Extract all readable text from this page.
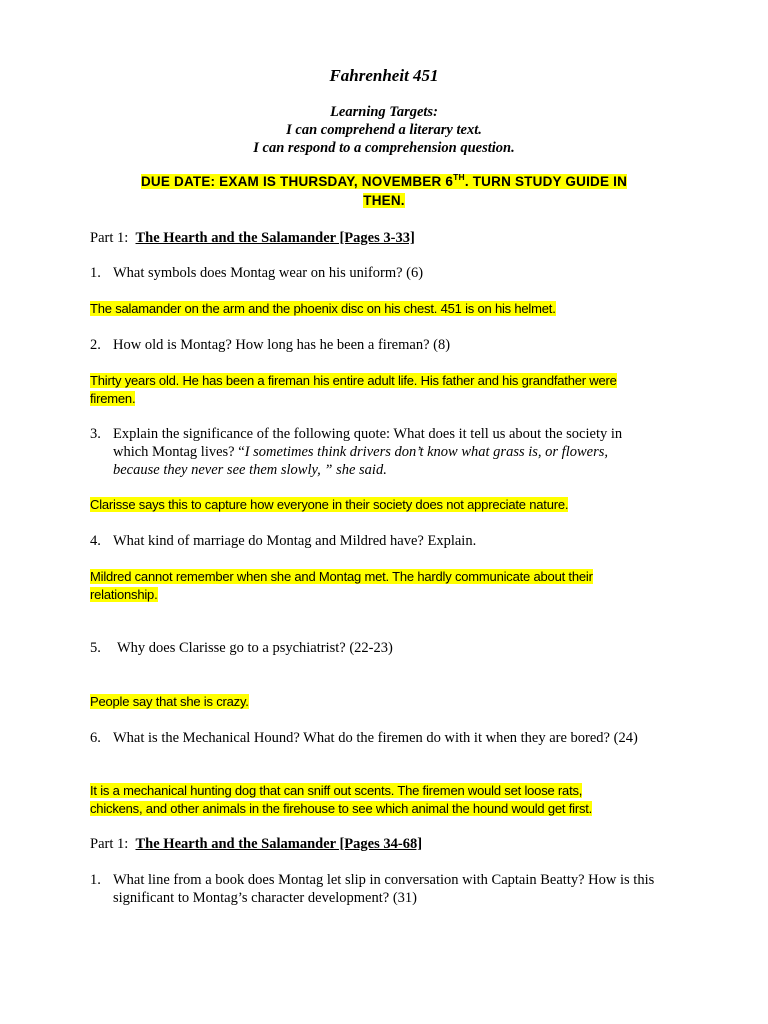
Fahrenheit 451
Learning Targets:
I can comprehend a literary text.
I can respond to a comprehension question.
DUE DATE: EXAM IS THURSDAY, NOVEMBER 6TH. TURN STUDY GUIDE IN
THEN.
Part 1: The Hearth and the Salamander [Pages 3-33]
1. What symbols does Montag wear on his uniform? (6)
The salamander on the arm and the phoenix disc on his chest. 451 is on his helmet.
2. How old is Montag? How long has he been a fireman? (8)
Thirty years old. He has been a fireman his entire adult life. His father and his grandfather were
firemen.
3. Explain the significance of the following quote: What does it tell us about the society in
which Montag lives? “I sometimes think drivers don’t know what grass is, or flowers,
because they never see them slowly, ” she said.
Clarisse says this to capture how everyone in their society does not appreciate nature.
4. What kind of marriage do Montag and Mildred have? Explain.
Mildred cannot remember when she and Montag met. The hardly communicate about their
relationship.
5. Why does Clarisse go to a psychiatrist? (22-23)
People say that she is crazy.
6. What is the Mechanical Hound? What do the firemen do with it when they are bored? (24)
It is a mechanical hunting dog that can sniff out scents. The firemen would set loose rats,
chickens, and other animals in the firehouse to see which animal the hound would get first.
Part 1: The Hearth and the Salamander [Pages 34-68]
1. What line from a book does Montag let slip in conversation with Captain Beatty? How is this
significant to Montag’s character development? (31)
